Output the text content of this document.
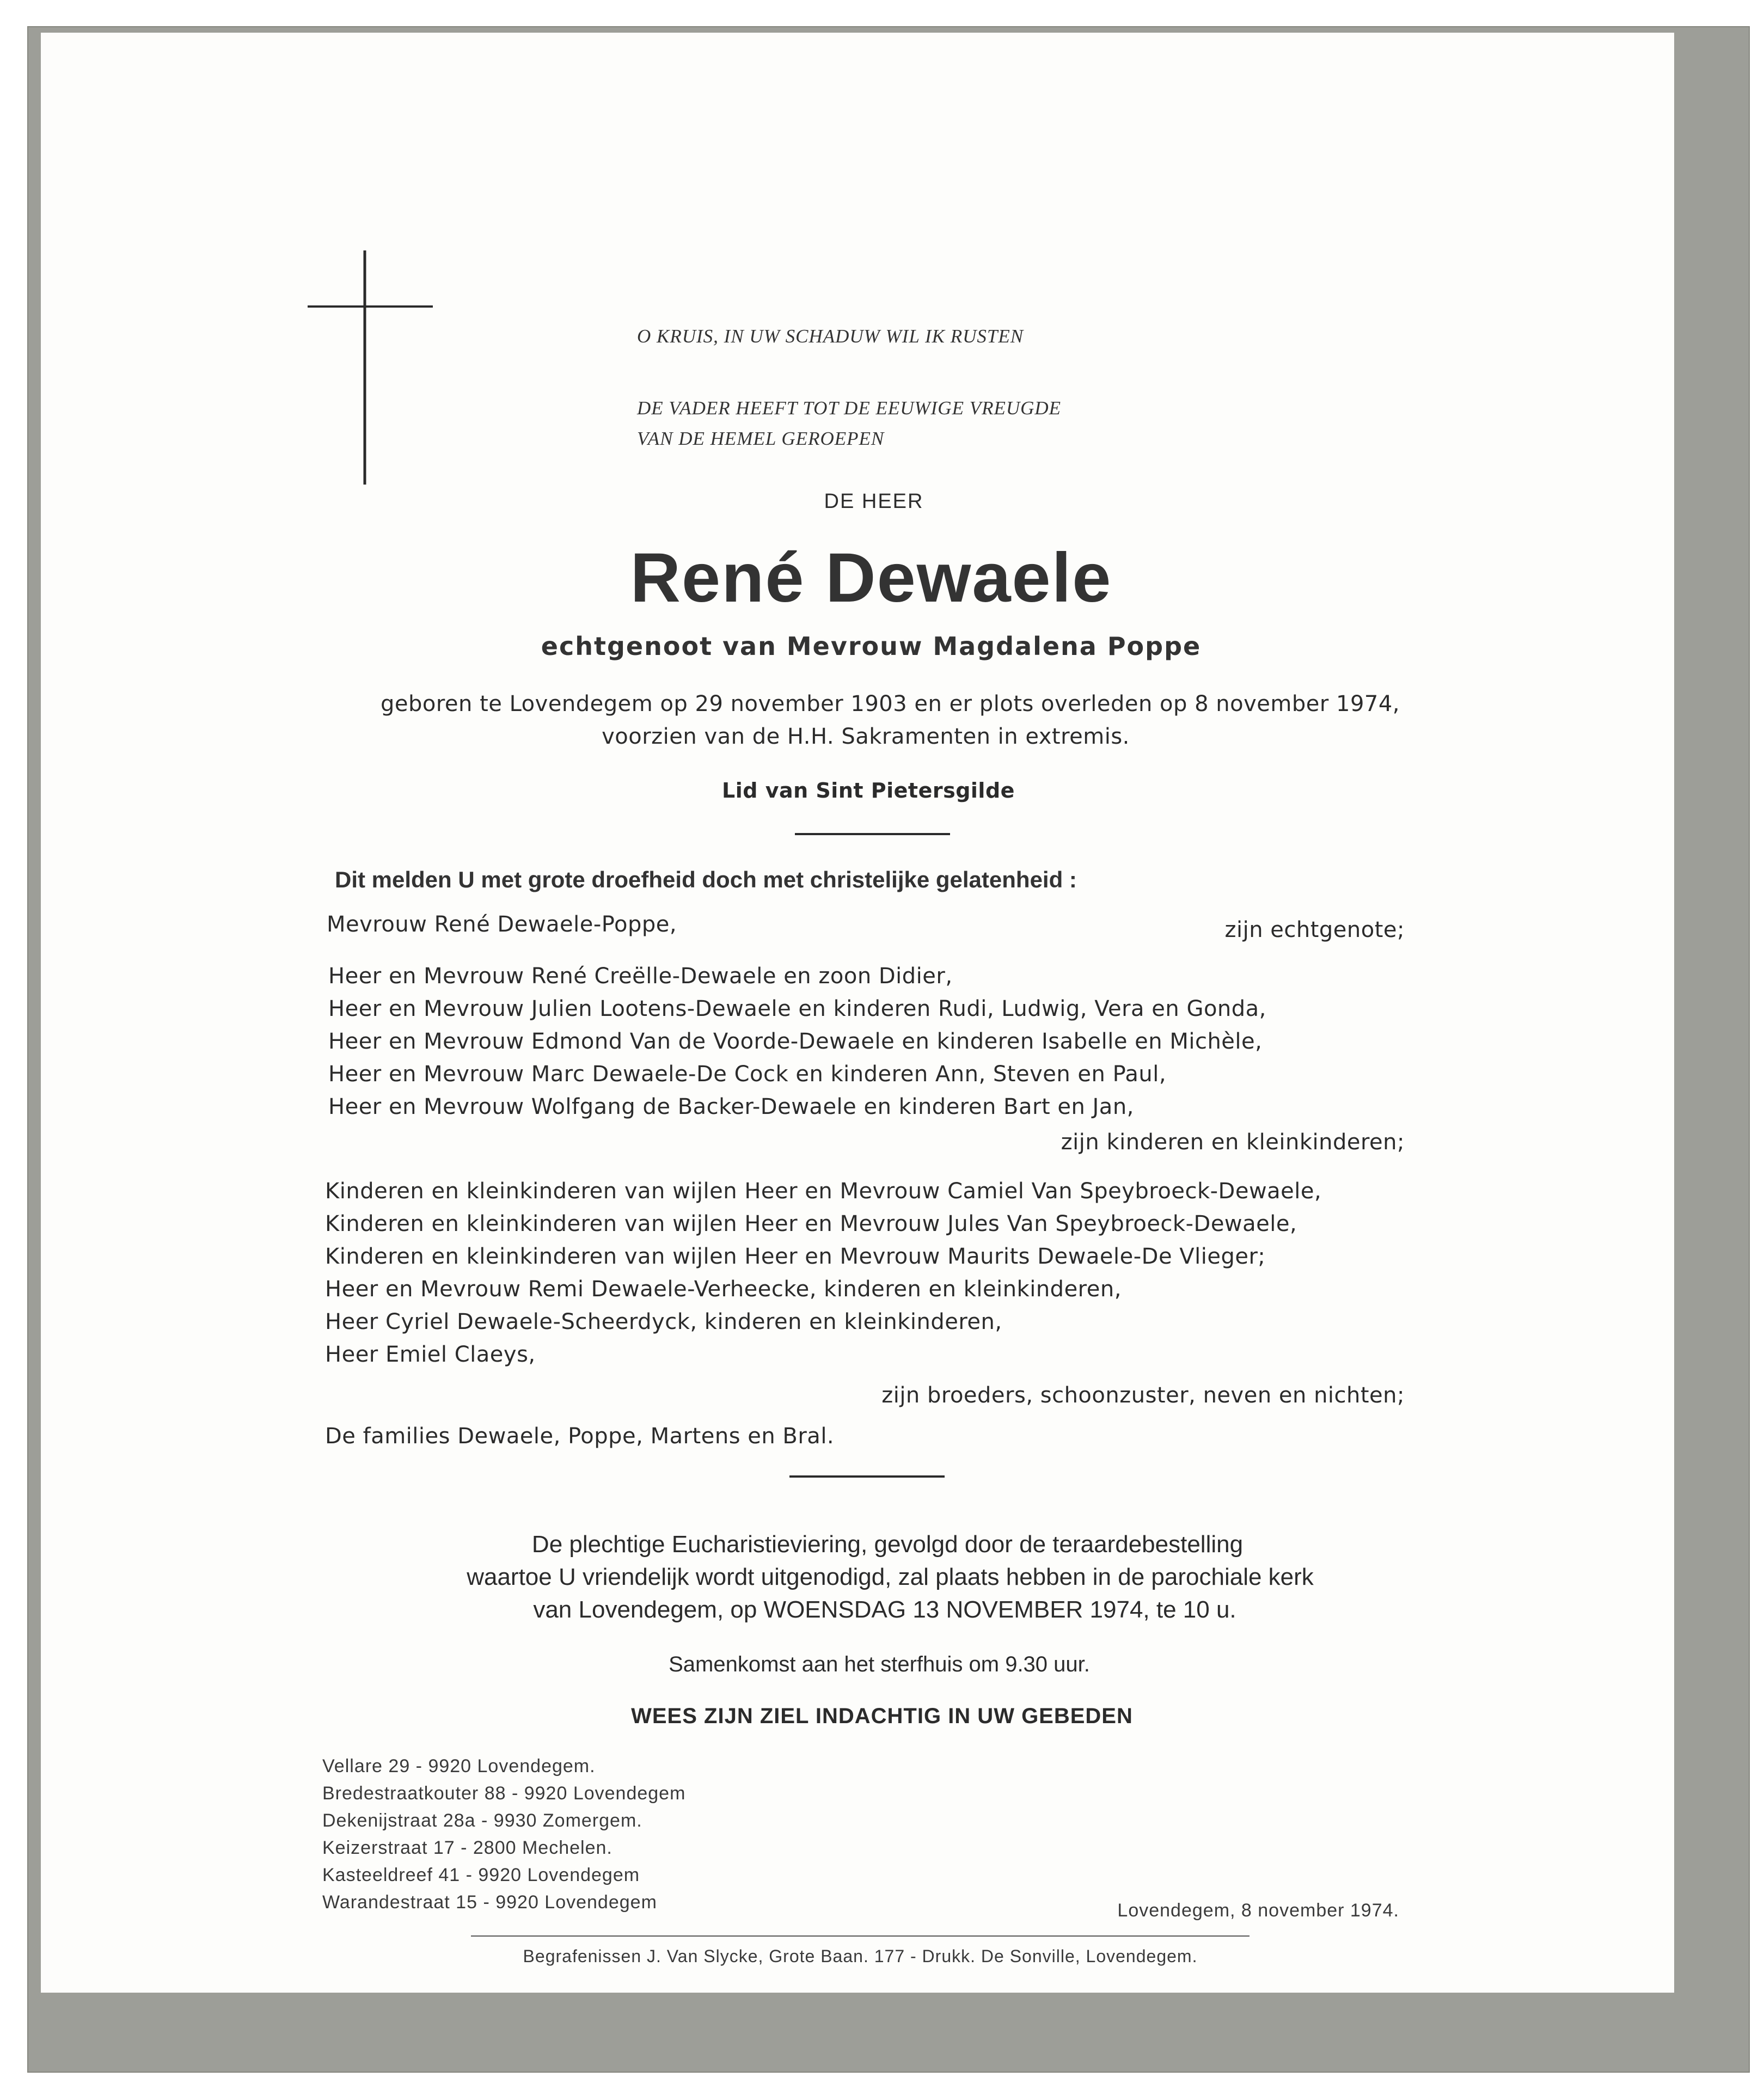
O KRUIS, IN UW SCHADUW WIL IK RUSTEN
DE VADER HEEFT TOT DE EEUWIGE VREUGDE
VAN DE HEMEL GEROEPEN
DE HEER
René Dewaele
echtgenoot van Mevrouw Magdalena Poppe
geboren te Lovendegem op 29 november 1903 en er plots overleden op 8 november 1974,
voorzien van de H.H. Sakramenten in extremis.
Lid van Sint Pietersgilde
Dit melden U met grote droefheid doch met christelijke gelatenheid :
Mevrouw René Dewaele-Poppe,	zijn echtgenote;
Heer en Mevrouw René Creëlle-Dewaele en zoon Didier,
Heer en Mevrouw Julien Lootens-Dewaele en kinderen Rudi, Ludwig, Vera en Gonda,
Heer en Mevrouw Edmond Van de Voorde-Dewaele en kinderen Isabelle en Michèle,
Heer en Mevrouw Marc Dewaele-De Cock en kinderen Ann, Steven en Paul,
Heer en Mevrouw Wolfgang de Backer-Dewaele en kinderen Bart en Jan,
zijn kinderen en kleinkinderen;
Kinderen en kleinkinderen van wijlen Heer en Mevrouw Camiel Van Speybroeck-Dewaele,
Kinderen en kleinkinderen van wijlen Heer en Mevrouw Jules Van Speybroeck-Dewaele,
Kinderen en kleinkinderen van wijlen Heer en Mevrouw Maurits Dewaele-De Vlieger;
Heer en Mevrouw Remi Dewaele-Verheecke, kinderen en kleinkinderen,
Heer Cyriel Dewaele-Scheerdyck, kinderen en kleinkinderen,
Heer Emiel Claeys,
zijn broeders, schoonzuster, neven en nichten;
De families Dewaele, Poppe, Martens en Bral.
De plechtige Eucharistieviering, gevolgd door de teraardebestelling
waartoe U vriendelijk wordt uitgenodigd, zal plaats hebben in de parochiale kerk
van Lovendegem, op WOENSDAG 13 NOVEMBER 1974, te 10 u.
Samenkomst aan het sterfhuis om 9.30 uur.
WEES ZIJN ZIEL INDACHTIG IN UW GEBEDEN
Vellare 29 - 9920 Lovendegem.
Bredestraatkouter 88 - 9920 Lovendegem
Dekenijstraat 28a - 9930 Zomergem.
Keizerstraat 17 - 2800 Mechelen.
Kasteeldreef 41 - 9920 Lovendegem
Warandestraat 15 - 9920 Lovendegem	Lovendegem, 8 november 1974.
Begrafenissen J. Van Slycke, Grote Baan. 177 - Drukk. De Sonville, Lovendegem.
